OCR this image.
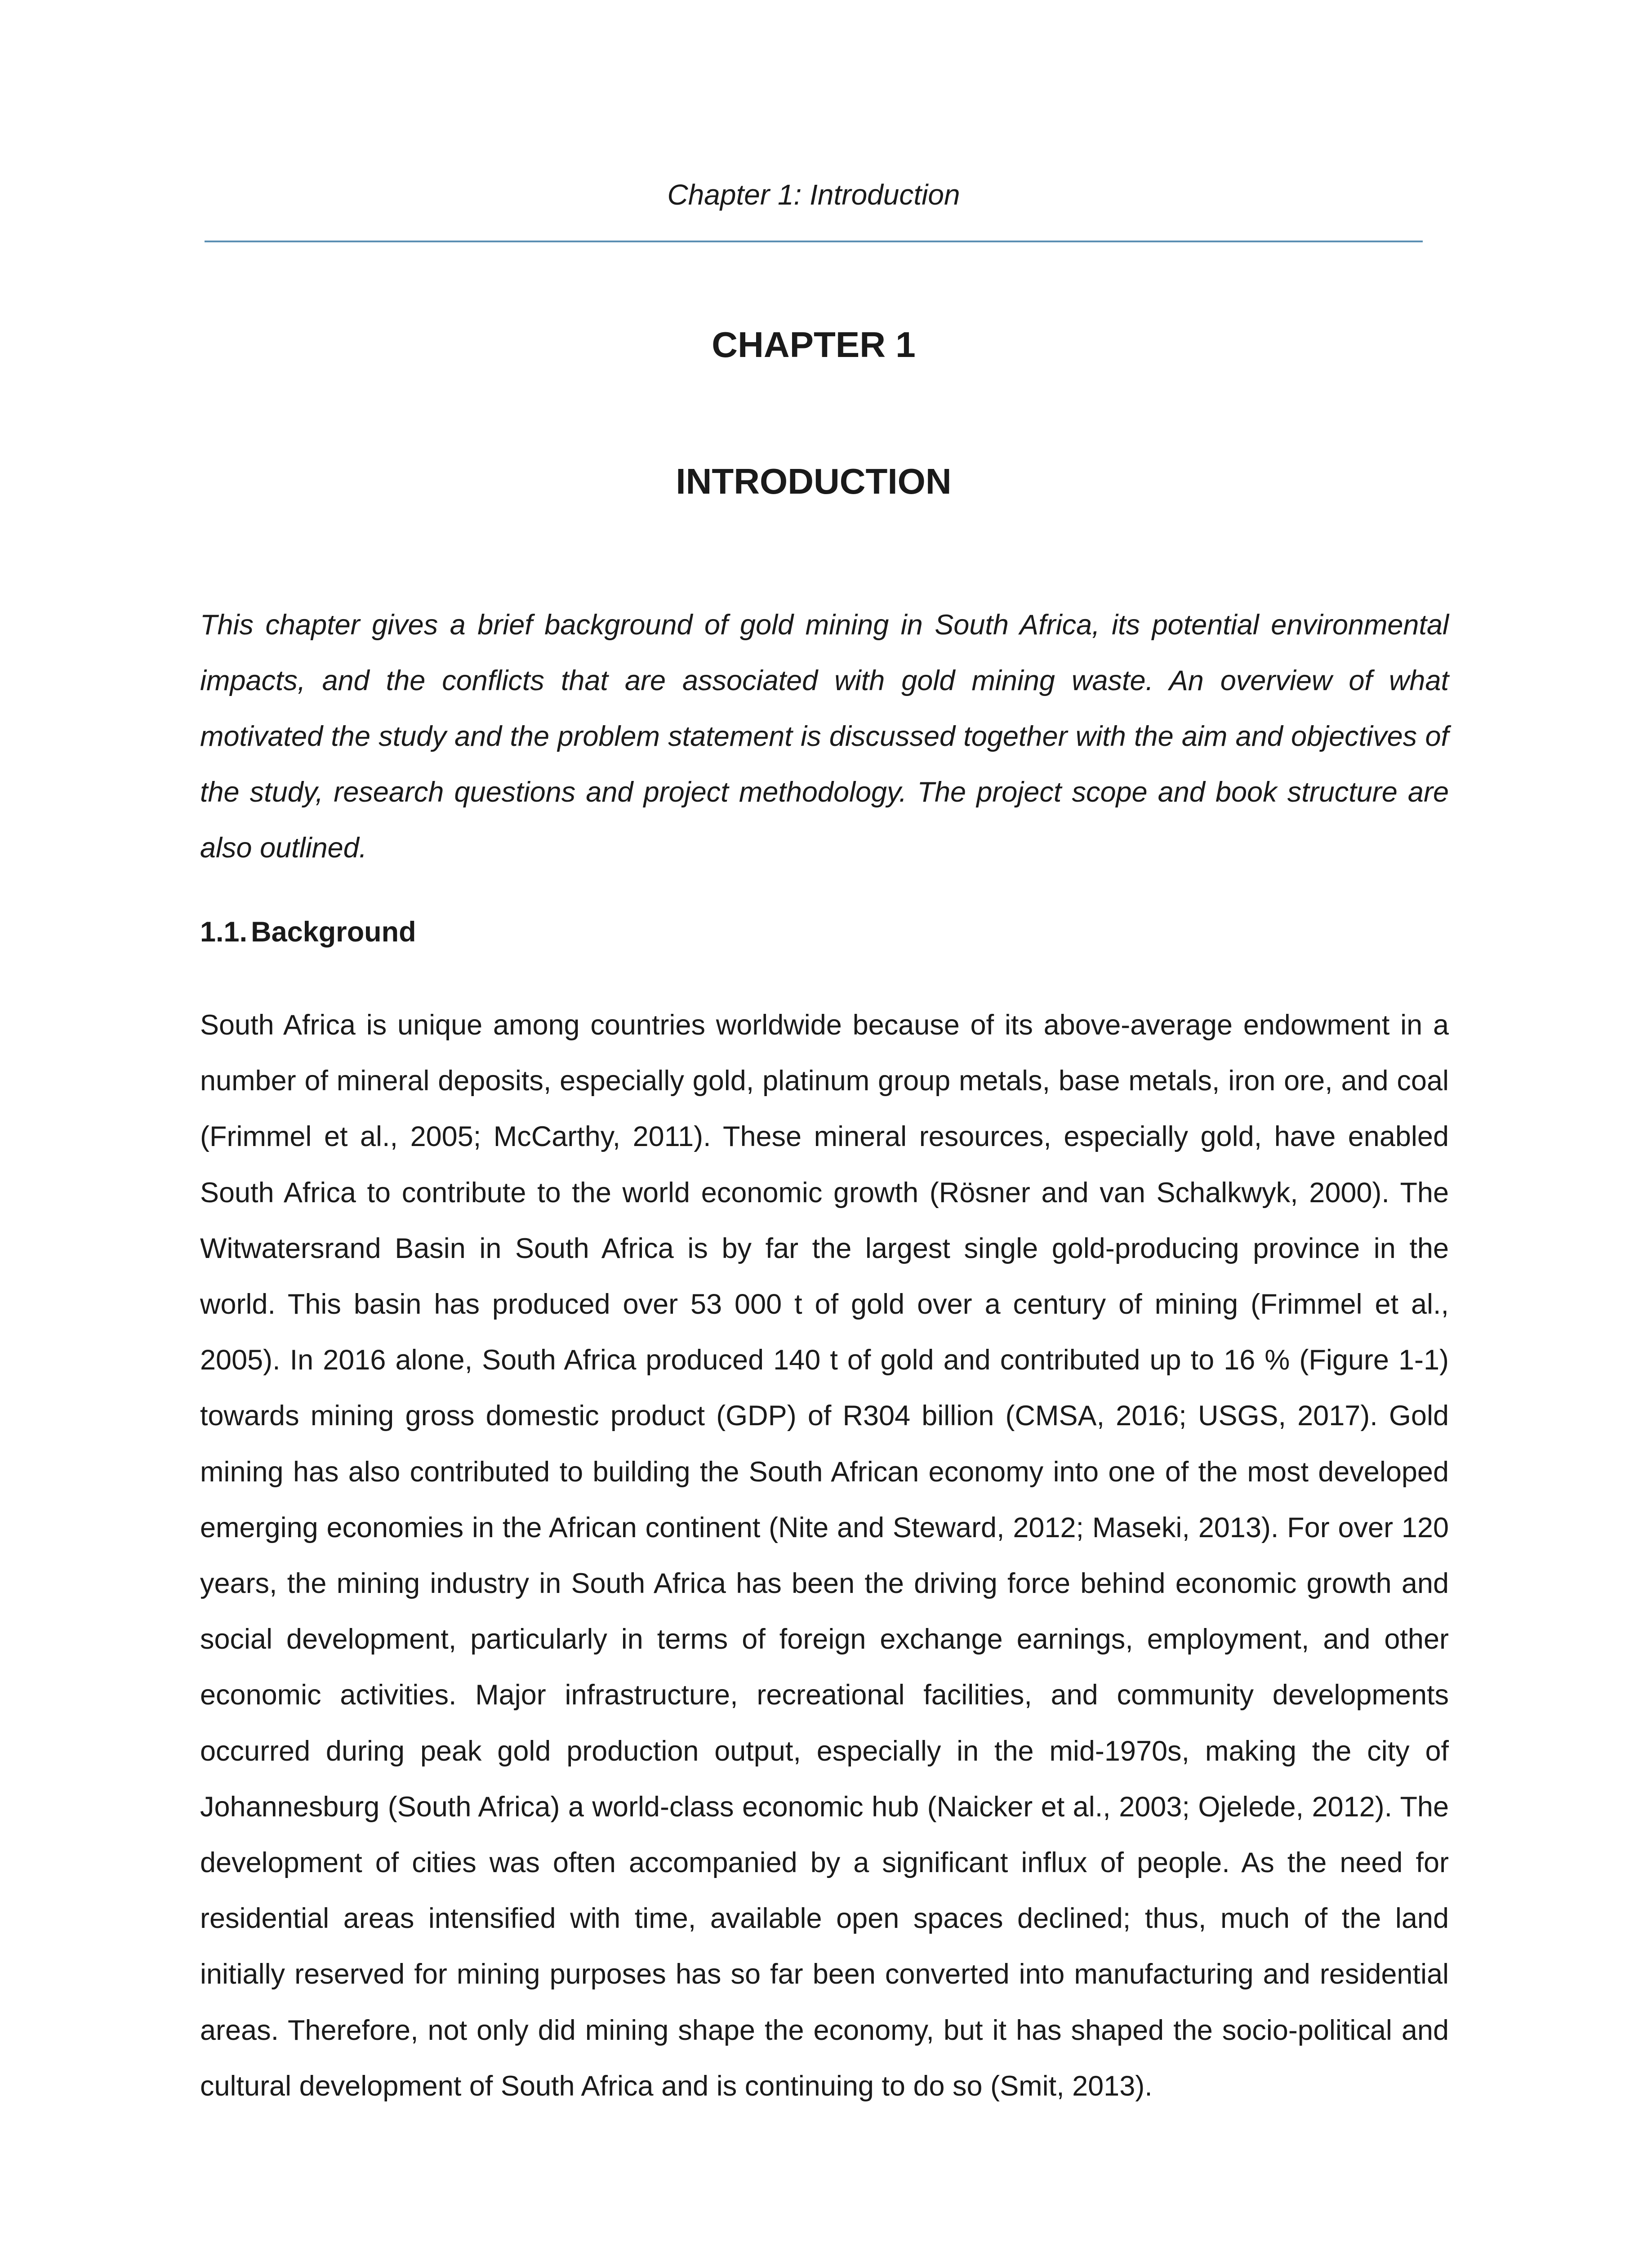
Chapter 1: Introduction
CHAPTER 1
INTRODUCTION

This chapter gives a brief background of gold mining in South Africa, its potential environmental impacts, and the conflicts that are associated with gold mining waste. An overview of what motivated the study and the problem statement is discussed together with the aim and objectives of the study, research questions and project methodology. The project scope and book structure are also outlined.

1.1. Background

South Africa is unique among countries worldwide because of its above-average endowment in a number of mineral deposits, especially gold, platinum group metals, base metals, iron ore, and coal (Frimmel et al., 2005; McCarthy, 2011). These mineral resources, especially gold, have enabled South Africa to contribute to the world economic growth (Rösner and van Schalkwyk, 2000). The Witwatersrand Basin in South Africa is by far the largest single gold-producing province in the world. This basin has produced over 53 000 t of gold over a century of mining (Frimmel et al., 2005). In 2016 alone, South Africa produced 140 t of gold and contributed up to 16 % (Figure 1-1) towards mining gross domestic product (GDP) of R304 billion (CMSA, 2016; USGS, 2017). Gold mining has also contributed to building the South African economy into one of the most developed emerging economies in the African continent (Nite and Steward, 2012; Maseki, 2013). For over 120 years, the mining industry in South Africa has been the driving force behind economic growth and social development, particularly in terms of foreign exchange earnings, employment, and other economic activities. Major infrastructure, recreational facilities, and community developments occurred during peak gold production output, especially in the mid-1970s, making the city of Johannesburg (South Africa) a world-class economic hub (Naicker et al., 2003; Ojelede, 2012). The development of cities was often accompanied by a significant influx of people. As the need for residential areas intensified with time, available open spaces declined; thus, much of the land initially reserved for mining purposes has so far been converted into manufacturing and residential areas. Therefore, not only did mining shape the economy, but it has shaped the socio-political and cultural development of South Africa and is continuing to do so (Smit, 2013).
